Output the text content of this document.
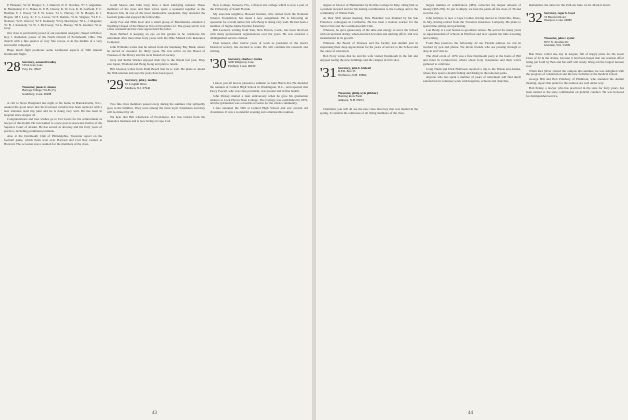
P. Hanauer, '54 W. Burger; L. J. Duncan, N. P. Voorhee, '57 J. Anguiano, R. Baumanne; F. C. Baker, K. P. B. Chorus; R. W. Cox, R. D. Garfield, F. C. Haddon, F. J. Wood, '54 F. W. Gates, '51 C. Harvey, '31 N. Hough, R. J. Hogan, '48 I. Levy, Jr.; F. L. Lucas, '52 P. Dennis, '51 R. Wagner; '54 F. L. Nexleer; '52 E. Ostrow; '52 T. Kennedy, '52 Q. Macintyre; '50 L. J. Maguire; '51 B. J. Kennedy, '51 W. J. McCreery, '54 A. Horsey, '50 N. Kramer, '52 A. Gray.

Our class is particularly proud of our perennial energetic chapel with Rev. Roy J. Ramsdell, pastor of the North Church of Portsmouth, Ohio. The church with a fine quartet of very fine voices, is in the middle of a very successful campaign.

Huge lunch fight promotes some traditional aspects of 50th Annual Dartmouth Night.

'28 Secretary, osmond bradley
5 Erin Gate Lane
Troy, Pa. 18947
Treasurer, james b. simons
Heritage Village 734-B (15)
Southbury, Conn. 06488

A call to Newt Haugland last night at his home in Barnardsville, N.C., assured the good news that his fractured vertebra has been replaced with a new stainless steel hip joint and he is doing very well. He has been in hospital since August 22.

Congratulations and best wishes go to Ted Lewis for his achievement as lawyer of the month. He was named to a new post as Associate Justice of the Superior Court of Alaska. He has served as attorney and his forty years of practice, including prominent positions.

Also at the Dartmouth Club of Philadelphia, Treasurer report on the football game, which Penn won over Harvard and Carl Ray Gaines at Harvard. The occasion was a reunion for the members of the class.

Garth Moore and John Gray have a most satisfying reunion. These members of the class and their wives spent a weekend together at the Hanover Inn. In one of the most memorable weekends, they attended the football game and enjoyed the fellowship.

Andy Fox and Hills Kerr and a small group of Blackhawks attended a Wedding Chapel of the Hanover Inn on November 22. The group said it was a fine weekend and the class appreciated the letter.

Dean Ballard is keeping an eye on his garden as he celebrates his retirement after more than forty years with the Ohio Mutual Life Insurance Company.

John Williams writes that he retired from the Sandusky Bay Bank, where he served as treasurer for thirty years. He was active on the Board of Trustees of the library and the local historical society.

Jerry and Rollie Warner enjoyed their trip to the Orient last year. They saw Japan, Thailand and Hong Kong and plan to return.

Bill Gleason writes from Palm Beach that he is well. He plans to attend the 50th reunion and says the years have been good.

'29 Secretary, john j. mullins
91 Longhill Drive
Madison, N.J. 07940

Two fine class members passed away during the summer. Our sympathy goes to the families. They were among the most loyal classmates and they will be missed by all.

We hear that Bill Chadwick of Providence, R.I. has retired from the insurance business and is now living at Cape Cod.

New College, Sarasota, Fla., a liberal arts college which is now a part of the University of South Florida.

My associate neighbor, Howard Kramer, who retired from the National Science Foundation, has taken a new assignment. He is following an operation for a brain tumor; his wife Betty is doing very well. He had been a member of Sigma Alpha Epsilon fraternity.

Bill Leonard, writing from Yale, New Haven, Conn., has been involved with many professional organizations over the years. He was awarded a distinguished service citation.

Elon Arnold, after twelve years of work as president of the town's historical society, has decided to retire. He will continue his research and writing.

'30 Secretary, charles c. burke
4200 Ridgeway Lane
Fairfield, Conn. 06430

I know you all had as pleasant a summer as John Harris did. He attended the reunion of Central High School in Washington, D.C., and reported that Percy Powell, who was class president, was present and in fine health.

John Dickey mailed a dual anniversary when he gave his graduation address at Lock Haven State College. The College was established in 1870, and the graduation was a notable occasion for the whole community.

I also attended the 50th at Central High School and saw several old classmates. It was a wonderful evening and a memorable reunion.

43

degree of Doctor of Humanities by Rollins College in May, citing him as a prudent steward and for his lasting contributions to the College and to the community of Winter Park.

At their 50th annual meeting, Pete Hunziker was thanked by his San Francisco colleagues in California. He has been a tireless worker for the Sierra Club and the Commonwealth Club.

Whereas, he gave generously of his time and energy to serve the School with exceptional ability, whole-hearted devotion and untiring effort, and was instrumental in its growth.

Whereas, the Board of Trustees and the faculty and alumni join in expressing their deep appreciation for his years of service to the School and the cause of education.

Bob Ferry writes that he and his wife visited Dartmouth in the fall and enjoyed seeing the new buildings and the campus in full color.

'31 Secretary, john b. bidwell
R.F.D. Box 35
Wolfeboro, N.H. 03894
Treasurer, philip wyle pillsbury
Hunting Rock Farm
Amherst, N.H. 03031

Chairman, you will all see the new class directory that was mailed in the spring. It contains the addresses of all living members of the class.

largest number of contributors (389), collected the largest amount of money ($65,239). To put it simply, we beat the pants off the class of '30 and won the cup.

John Gilmore is now a Cape Codder, having moved to Osterville, Mass., in July, having retired from the Travelers Insurance Company. He plans to spend time sailing and gardening.

Lou Brady is a real honest-to-goodness retiree. He served for many years as superintendent of schools in Hartford and now spends his time traveling and writing.

From Ben Guerrero the following: At our Florida address we can be reached by pen and phone. We invite friends who are passing through to drop in and visit us.

The chief event of 1976 was a fine Dartmouth party at the home of Bill and Janet in Connecticut, where about forty classmates and their wives gathered to celebrate.

Craig Thom and Dick Holbrook reported a trip to the Yukon and Alaska, where they spent a month fishing and hiking in the national parks.

Anyone who has spent a number of years of retirement will find much satisfaction in volunteer work with hospitals, schools and churches.

Remember, the dates for the 45th are June 14-16. Mark it down.

'32 Secretary, roger h. boyd
33 Hereford Road
Westport, Conn. 06880
Treasurer, john r. eyster
8557 N. Airsdale Dr.
Glendale, Wis. 53209

Ben Drew called one day in August, full of happy plans for the Great Class of 32 in the sixties, because it had been hoped that our reunion effort being put forth by Ben and his staff will surely bring out the largest turnout ever.

When Red Silver visited the campus this summer, he was delighted with the progress of construction and the new facilities at the medical school.

George Hill and Bob Pilisbury of Hamilton, who attended the alumni meeting, report that plans for the reunion are well under way.

Bob Penny, a lawyer who has practiced in the state for forty years, has been named to the state commission on judicial conduct. He was honored for distinguished service.

44
